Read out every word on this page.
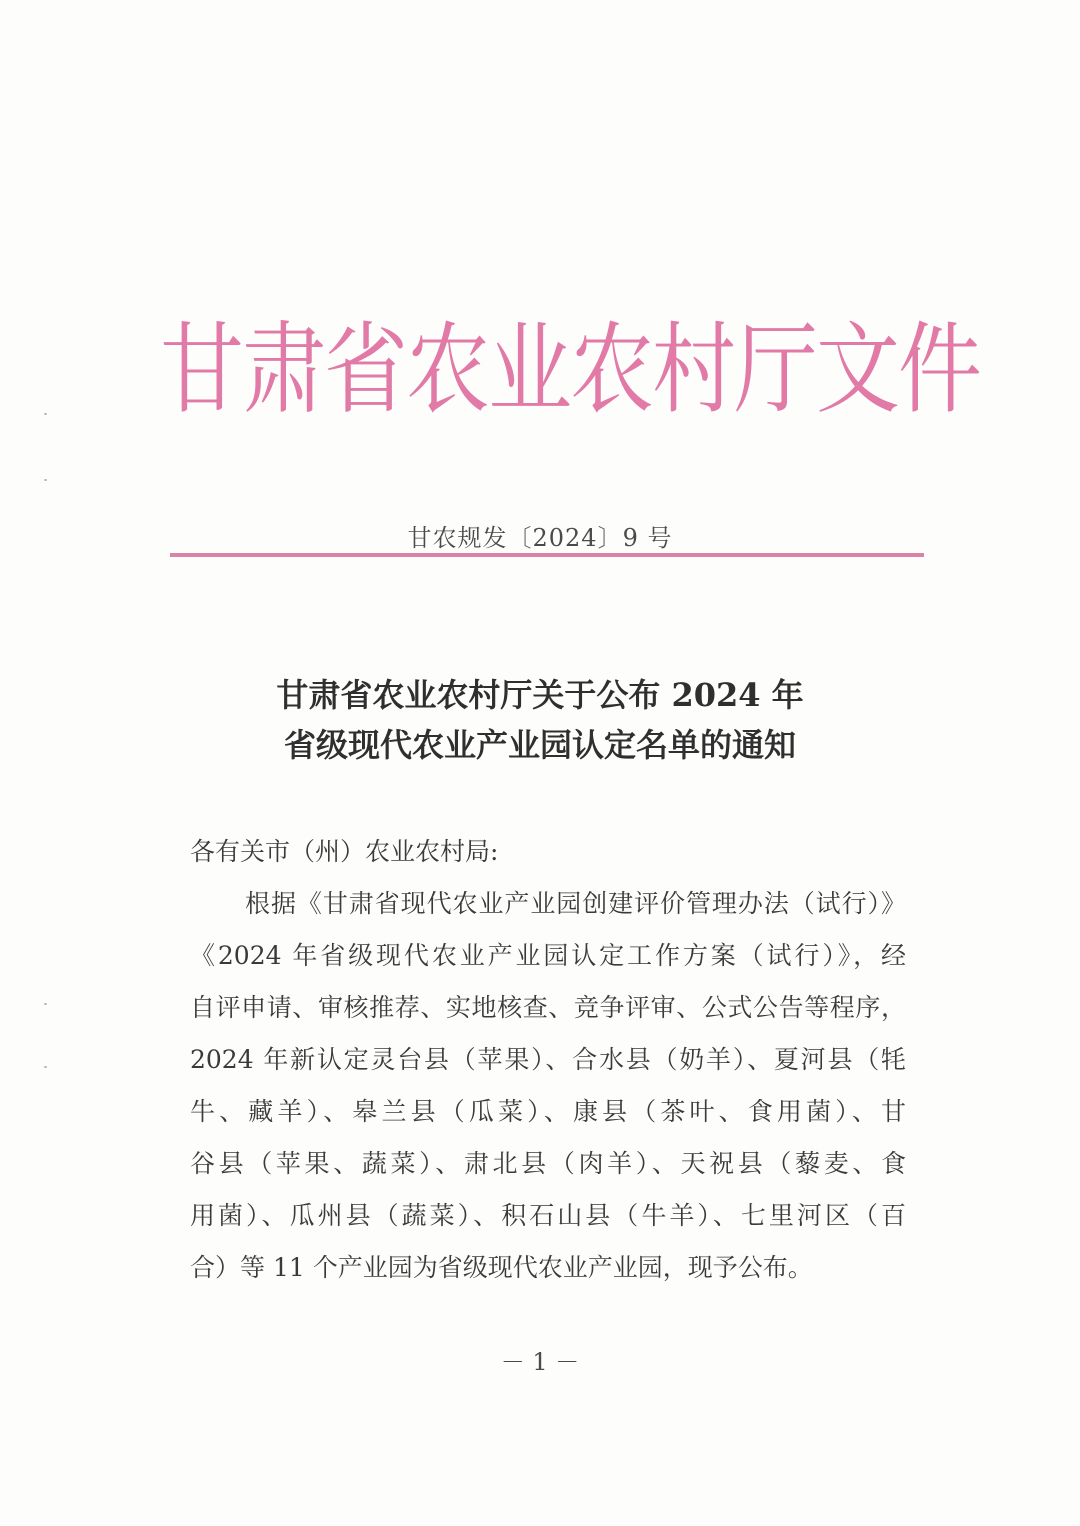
甘肃省农业农村厅文件
甘农规发〔2024〕9 号
甘肃省农业农村厅关于公布 2024 年
省级现代农业产业园认定名单的通知
各有关市（州）农业农村局:
根据《甘肃省现代农业产业园创建评价管理办法（试行）》
《2024 年省级现代农业产业园认定工作方案（试行）》，经
自评申请、审核推荐、实地核查、竞争评审、公式公告等程序，
2024 年新认定灵台县（苹果）、合水县（奶羊）、夏河县（牦
牛、藏羊）、皋兰县（瓜菜）、康县（茶叶、食用菌）、甘
谷县（苹果、蔬菜）、肃北县（肉羊）、天祝县（藜麦、食
用菌）、瓜州县（蔬菜）、积石山县（牛羊）、七里河区（百
合）等 11 个产业园为省级现代农业产业园，现予公布。
－ 1 －
